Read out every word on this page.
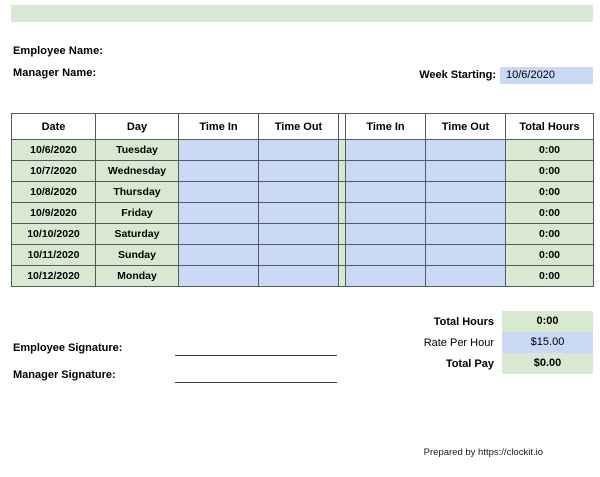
Employee Name:
Manager Name:	Week Starting: 10/6/2020
Date	Day	Time In	Time Out		Time In	Time Out	Total Hours
10/6/2020	Tuesday						0:00
10/7/2020	Wednesday						0:00
10/8/2020	Thursday						0:00
10/9/2020	Friday						0:00
10/10/2020	Saturday						0:00
10/11/2020	Sunday						0:00
10/12/2020	Monday						0:00
Total Hours	0:00
Rate Per Hour	$15.00
Total Pay	$0.00
Employee Signature:
Manager Signature:
Prepared by https://clockit.io
